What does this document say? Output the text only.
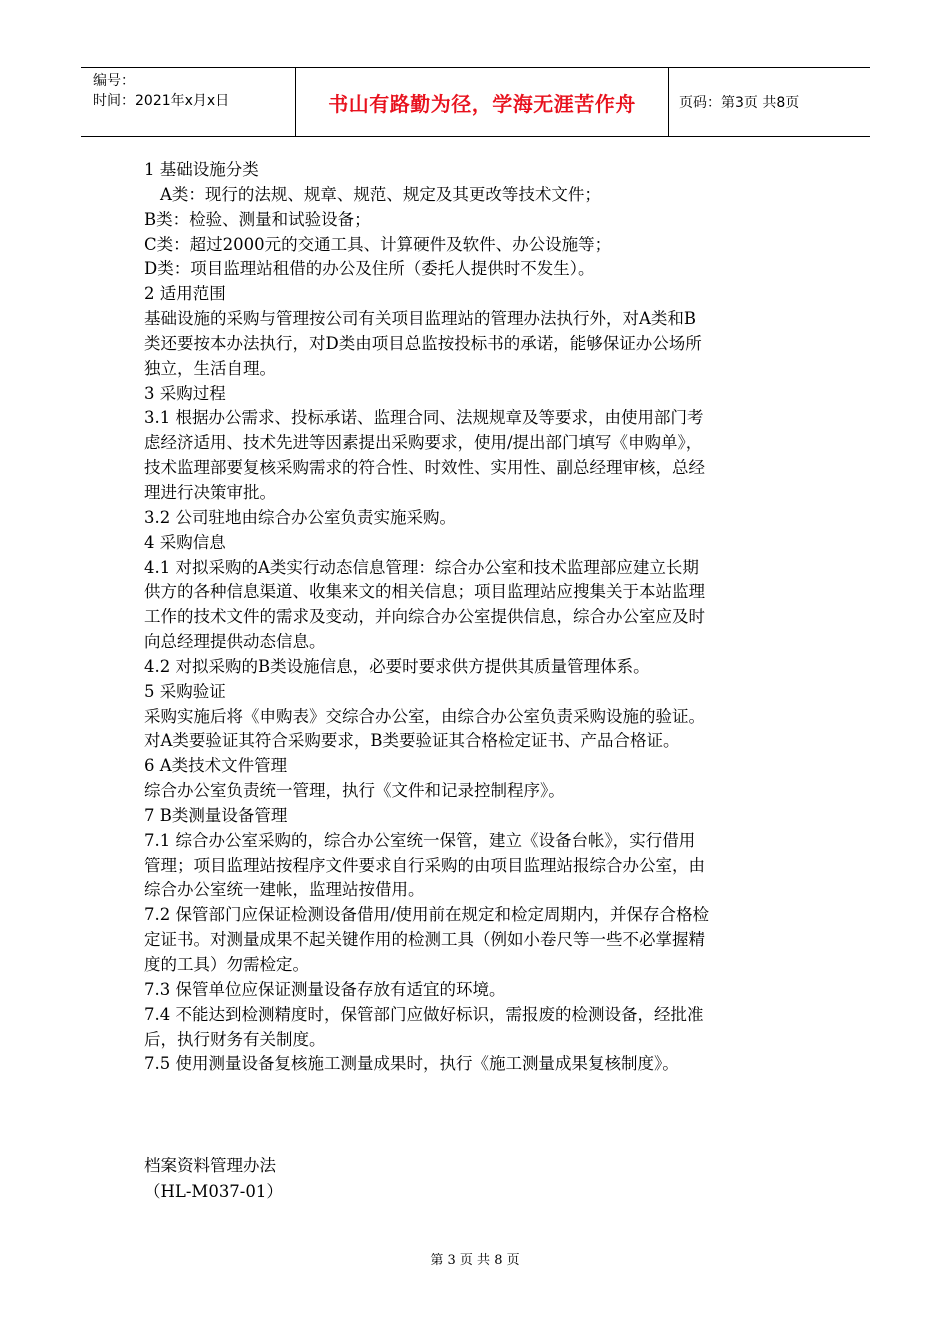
编号：
时间：2021年x月x日	书山有路勤为径，学海无涯苦作舟	页码：第3页 共8页

1 基础设施分类

A类：现行的法规、规章、规范、规定及其更改等技术文件；

B类：检验、测量和试验设备；

C类：超过2000元的交通工具、计算硬件及软件、办公设施等；

D类：项目监理站租借的办公及住所（委托人提供时不发生）。

2 适用范围

基础设施的采购与管理按公司有关项目监理站的管理办法执行外，对A类和B

类还要按本办法执行，对D类由项目总监按投标书的承诺，能够保证办公场所

独立，生活自理。

3 采购过程

3.1 根据办公需求、投标承诺、监理合同、法规规章及等要求，由使用部门考

虑经济适用、技术先进等因素提出采购要求，使用/提出部门填写《申购单》，

技术监理部要复核采购需求的符合性、时效性、实用性、副总经理审核，总经

理进行决策审批。

3.2 公司驻地由综合办公室负责实施采购。

4 采购信息

4.1 对拟采购的A类实行动态信息管理：综合办公室和技术监理部应建立长期

供方的各种信息渠道、收集来文的相关信息；项目监理站应搜集关于本站监理

工作的技术文件的需求及变动，并向综合办公室提供信息，综合办公室应及时

向总经理提供动态信息。

4.2 对拟采购的B类设施信息，必要时要求供方提供其质量管理体系。

5 采购验证

采购实施后将《申购表》交综合办公室，由综合办公室负责采购设施的验证。

对A类要验证其符合采购要求，B类要验证其合格检定证书、产品合格证。

6 A类技术文件管理

综合办公室负责统一管理，执行《文件和记录控制程序》。

7 B类测量设备管理

7.1 综合办公室采购的，综合办公室统一保管，建立《设备台帐》，实行借用

管理；项目监理站按程序文件要求自行采购的由项目监理站报综合办公室，由

综合办公室统一建帐，监理站按借用。

7.2 保管部门应保证检测设备借用/使用前在规定和检定周期内，并保存合格检

定证书。对测量成果不起关键作用的检测工具（例如小卷尺等一些不必掌握精

度的工具）勿需检定。

7.3 保管单位应保证测量设备存放有适宜的环境。

7.4 不能达到检测精度时，保管部门应做好标识，需报废的检测设备，经批准

后，执行财务有关制度。

7.5 使用测量设备复核施工测量成果时，执行《施工测量成果复核制度》。

档案资料管理办法

（HL-M037-01）

第 3 页 共 8 页
